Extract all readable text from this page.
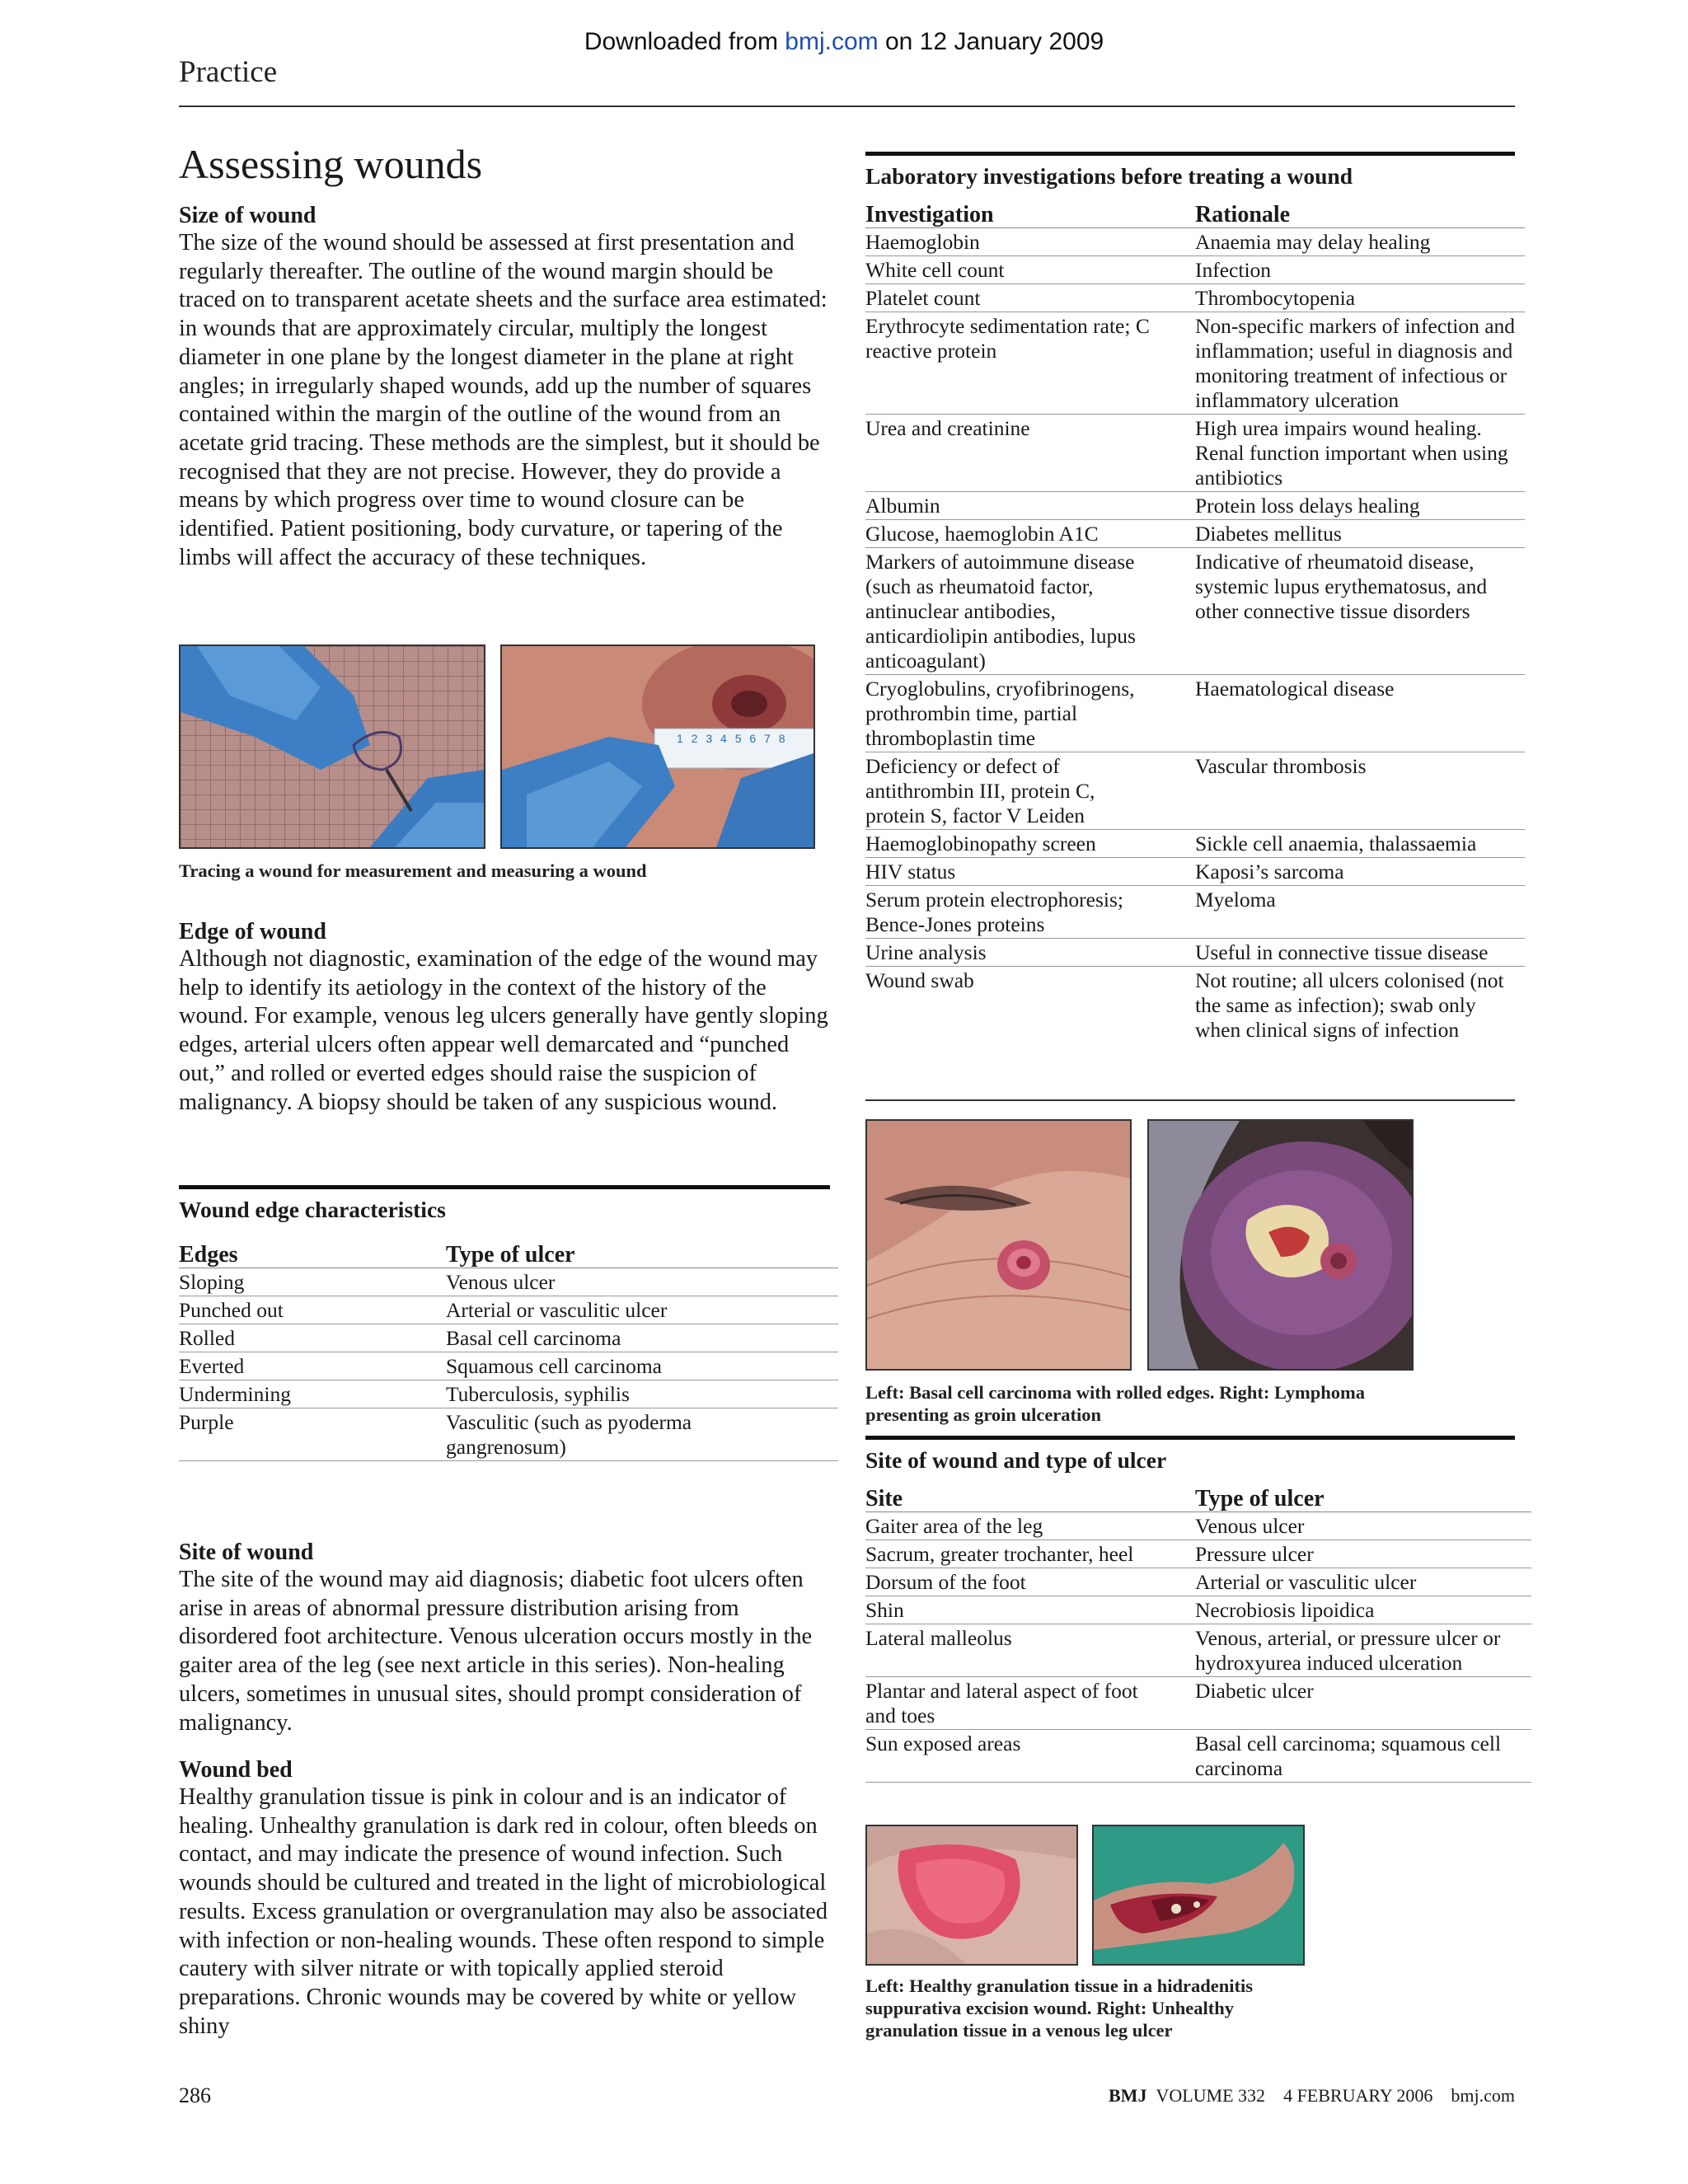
Downloaded from bmj.com on 12 January 2009
Practice
Assessing wounds

Size of wound

The size of the wound should be assessed at first presentation and regularly thereafter. The outline of the wound margin should be traced on to transparent acetate sheets and the surface area estimated: in wounds that are approximately circular, multiply the longest diameter in one plane by the longest diameter in the plane at right angles; in irregularly shaped wounds, add up the number of squares contained within the margin of the outline of the wound from an acetate grid tracing. These methods are the simplest, but it should be recognised that they are not precise. However, they do provide a means by which progress over time to wound closure can be identified. Patient positioning, body curvature, or tapering of the limbs will affect the accuracy of these techniques.

1 2 3 4 5 6 7 8
Tracing a wound for measurement and measuring a wound

Edge of wound

Although not diagnostic, examination of the edge of the wound may help to identify its aetiology in the context of the history of the wound. For example, venous leg ulcers generally have gently sloping edges, arterial ulcers often appear well demarcated and “punched out,” and rolled or everted edges should raise the suspicion of malignancy. A biopsy should be taken of any suspicious wound.

Wound edge characteristics
Edges	Type of ulcer
Sloping	Venous ulcer
Punched out	Arterial or vasculitic ulcer
Rolled	Basal cell carcinoma
Everted	Squamous cell carcinoma
Undermining	Tuberculosis, syphilis
Purple	Vasculitic (such as pyoderma gangrenosum)

Site of wound

The site of the wound may aid diagnosis; diabetic foot ulcers often arise in areas of abnormal pressure distribution arising from disordered foot architecture. Venous ulceration occurs mostly in the gaiter area of the leg (see next article in this series). Non-healing ulcers, sometimes in unusual sites, should prompt consideration of malignancy.

Wound bed

Healthy granulation tissue is pink in colour and is an indicator of healing. Unhealthy granulation is dark red in colour, often bleeds on contact, and may indicate the presence of wound infection. Such wounds should be cultured and treated in the light of microbiological results. Excess granulation or overgranulation may also be associated with infection or non-healing wounds. These often respond to simple cautery with silver nitrate or with topically applied steroid preparations. Chronic wounds may be covered by white or yellow shiny

Laboratory investigations before treating a wound
Investigation	Rationale
Haemoglobin	Anaemia may delay healing
White cell count	Infection
Platelet count	Thrombocytopenia
Erythrocyte sedimentation rate; C reactive protein	Non-specific markers of infection and inflammation; useful in diagnosis and monitoring treatment of infectious or inflammatory ulceration
Urea and creatinine	High urea impairs wound healing. Renal function important when using antibiotics
Albumin	Protein loss delays healing
Glucose, haemoglobin A1C	Diabetes mellitus
Markers of autoimmune disease (such as rheumatoid factor, antinuclear antibodies, anticardiolipin antibodies, lupus anticoagulant)	Indicative of rheumatoid disease, systemic lupus erythematosus, and other connective tissue disorders
Cryoglobulins, cryofibrinogens, prothrombin time, partial thromboplastin time	Haematological disease
Deficiency or defect of antithrombin III, protein C, protein S, factor V Leiden	Vascular thrombosis
Haemoglobinopathy screen	Sickle cell anaemia, thalassaemia
HIV status	Kaposi’s sarcoma
Serum protein electrophoresis; Bence-Jones proteins	Myeloma
Urine analysis	Useful in connective tissue disease
Wound swab	Not routine; all ulcers colonised (not the same as infection); swab only when clinical signs of infection
Left: Basal cell carcinoma with rolled edges. Right: Lymphoma presenting as groin ulceration
Site of wound and type of ulcer
Site	Type of ulcer
Gaiter area of the leg	Venous ulcer
Sacrum, greater trochanter, heel	Pressure ulcer
Dorsum of the foot	Arterial or vasculitic ulcer
Shin	Necrobiosis lipoidica
Lateral malleolus	Venous, arterial, or pressure ulcer or hydroxyurea induced ulceration
Plantar and lateral aspect of foot and toes	Diabetic ulcer
Sun exposed areas	Basal cell carcinoma; squamous cell carcinoma
Left: Healthy granulation tissue in a hidradenitis suppurativa excision wound. Right: Unhealthy granulation tissue in a venous leg ulcer
286	BMJ VOLUME 332 4 FEBRUARY 2006 bmj.com
